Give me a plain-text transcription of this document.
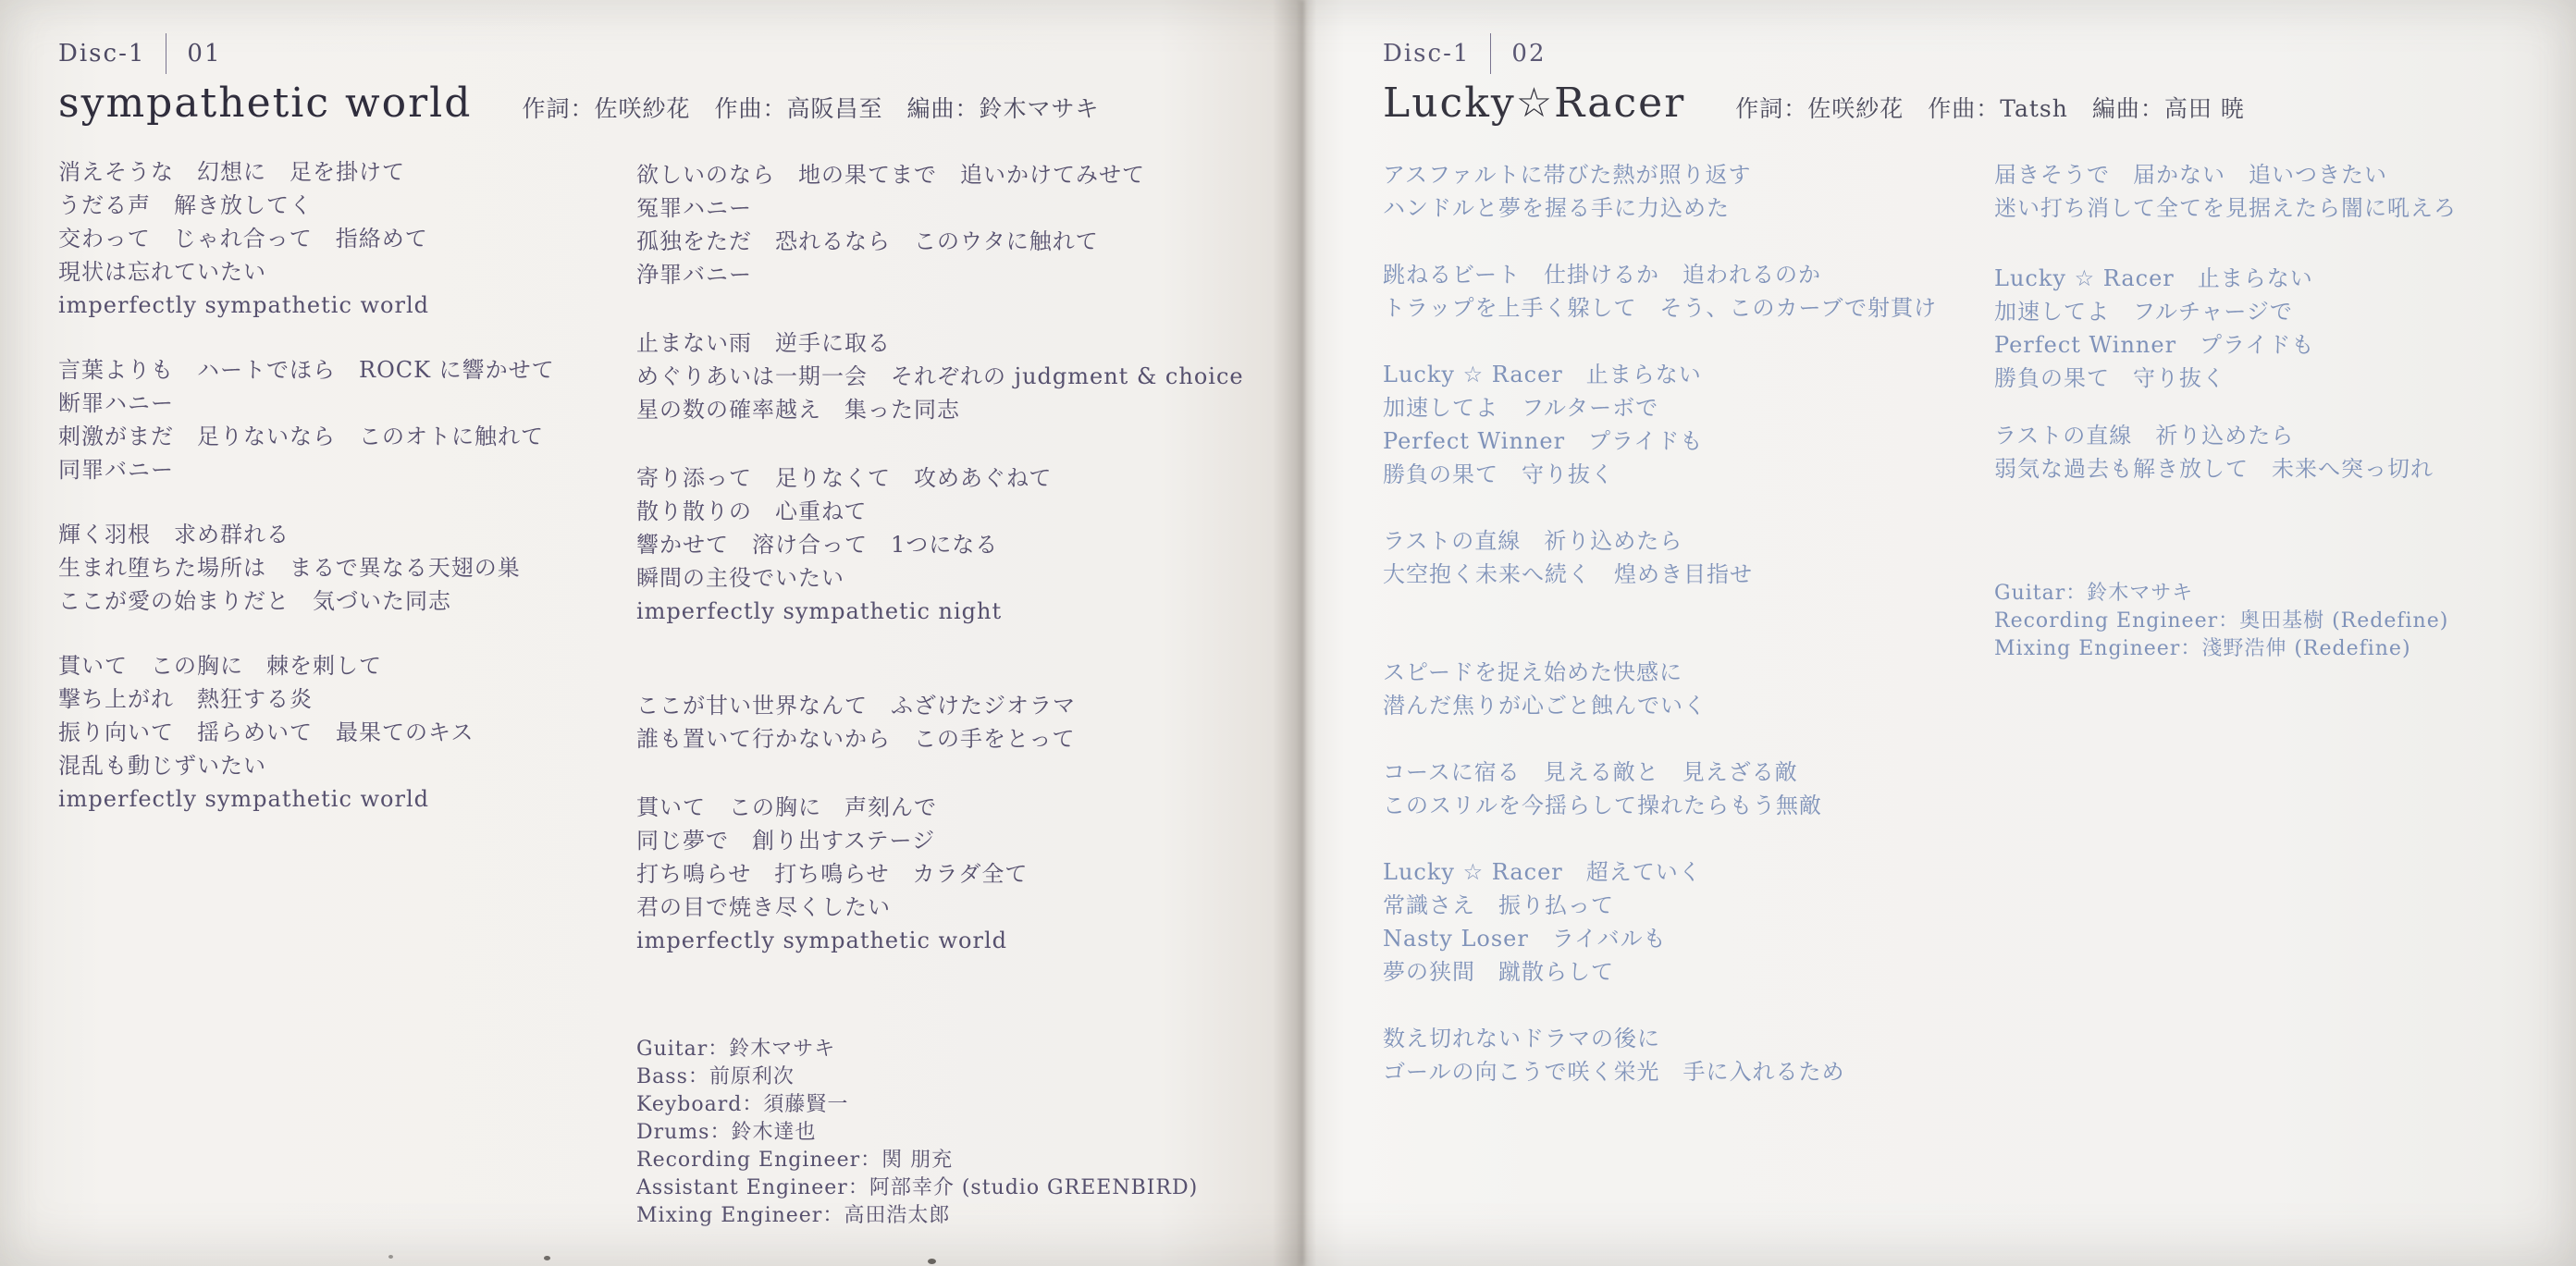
Disc-1 01
sympathetic world 作詞：佐咲紗花　作曲：高阪昌至　編曲：鈴木マサキ
消えそうな　幻想に　足を掛けて
うだる声　解き放してく
交わって　じゃれ合って　指絡めて
現状は忘れていたい
imperfectly sympathetic world
言葉よりも　ハートでほら　ROCK に響かせて
断罪ハニー
刺激がまだ　足りないなら　このオトに触れて
同罪バニー
輝く羽根　求め群れる
生まれ堕ちた場所は　まるで異なる天翅の巣
ここが愛の始まりだと　気づいた同志
貫いて　この胸に　棘を刺して
撃ち上がれ　熱狂する炎
振り向いて　揺らめいて　最果てのキス
混乱も動じずいたい
imperfectly sympathetic world
欲しいのなら　地の果てまで　追いかけてみせて
冤罪ハニー
孤独をただ　恐れるなら　このウタに触れて
浄罪バニー
止まない雨　逆手に取る
めぐりあいは一期一会　それぞれの judgment & choice
星の数の確率越え　集った同志
寄り添って　足りなくて　攻めあぐねて
散り散りの　心重ねて
響かせて　溶け合って　1つになる
瞬間の主役でいたい
imperfectly sympathetic night
ここが甘い世界なんて　ふざけたジオラマ
誰も置いて行かないから　この手をとって
貫いて　この胸に　声刻んで
同じ夢で　創り出すステージ
打ち鳴らせ　打ち鳴らせ　カラダ全て
君の目で焼き尽くしたい
imperfectly sympathetic world
Guitar：鈴木マサキ
Bass：前原利次
Keyboard：須藤賢一
Drums：鈴木達也
Recording Engineer：関 朋充
Assistant Engineer：阿部幸介 (studio GREENBIRD)
Mixing Engineer：高田浩太郎
Disc-1 02
Lucky☆Racer 作詞：佐咲紗花　作曲：Tatsh　編曲：高田 暁
アスファルトに帯びた熱が照り返す
ハンドルと夢を握る手に力込めた
跳ねるビート　仕掛けるか　追われるのか
トラップを上手く躱して　そう、このカーブで射貫け
Lucky ☆ Racer　止まらない
加速してよ　フルターボで
Perfect Winner　プライドも
勝負の果て　守り抜く
ラストの直線　祈り込めたら
大空抱く未来へ続く　煌めき目指せ
スピードを捉え始めた快感に
潜んだ焦りが心ごと蝕んでいく
コースに宿る　見える敵と　見えざる敵
このスリルを今揺らして操れたらもう無敵
Lucky ☆ Racer　超えていく
常識さえ　振り払って
Nasty Loser　ライバルも
夢の狭間　蹴散らして
数え切れないドラマの後に
ゴールの向こうで咲く栄光　手に入れるため
届きそうで　届かない　追いつきたい
迷い打ち消して全てを見据えたら闇に吼えろ
Lucky ☆ Racer　止まらない
加速してよ　フルチャージで
Perfect Winner　プライドも
勝負の果て　守り抜く
ラストの直線　祈り込めたら
弱気な過去も解き放して　未来へ突っ切れ
Guitar：鈴木マサキ
Recording Engineer：奥田基樹 (Redefine)
Mixing Engineer：淺野浩伸 (Redefine)
